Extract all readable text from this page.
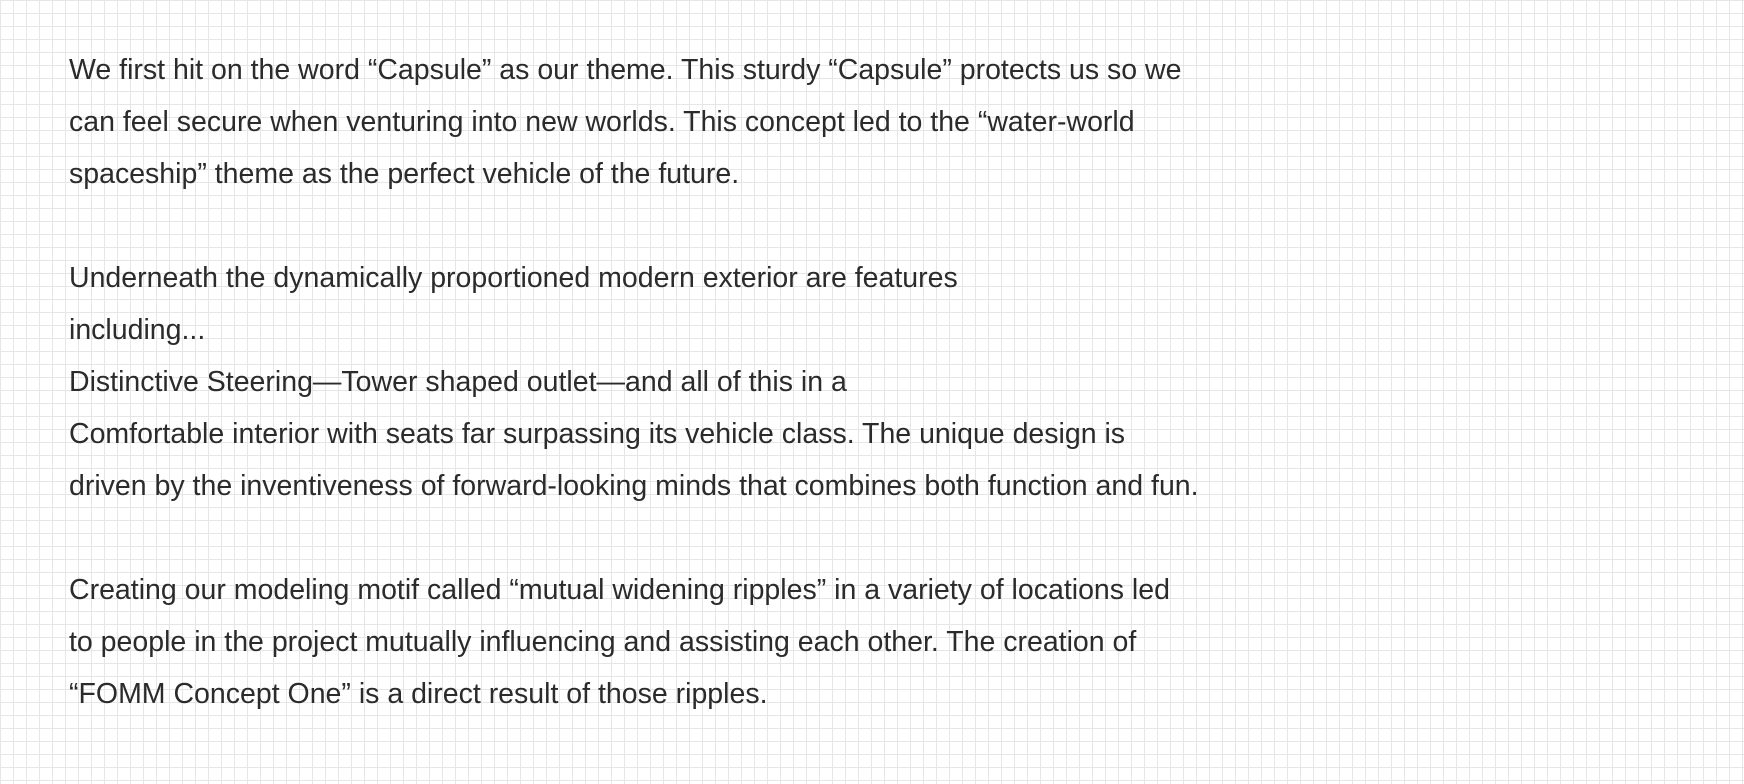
We first hit on the word “Capsule” as our theme. This sturdy “Capsule” protects us so we

can feel secure when venturing into new worlds. This concept led to the “water-world

spaceship” theme as the perfect vehicle of the future.

Underneath the dynamically proportioned modern exterior are features

including...

Distinctive Steering—Tower shaped outlet—and all of this in a

Comfortable interior with seats far surpassing its vehicle class. The unique design is

driven by the inventiveness of forward-looking minds that combines both function and fun.

Creating our modeling motif called “mutual widening ripples” in a variety of locations led

to people in the project mutually influencing and assisting each other. The creation of

“FOMM Concept One” is a direct result of those ripples.
